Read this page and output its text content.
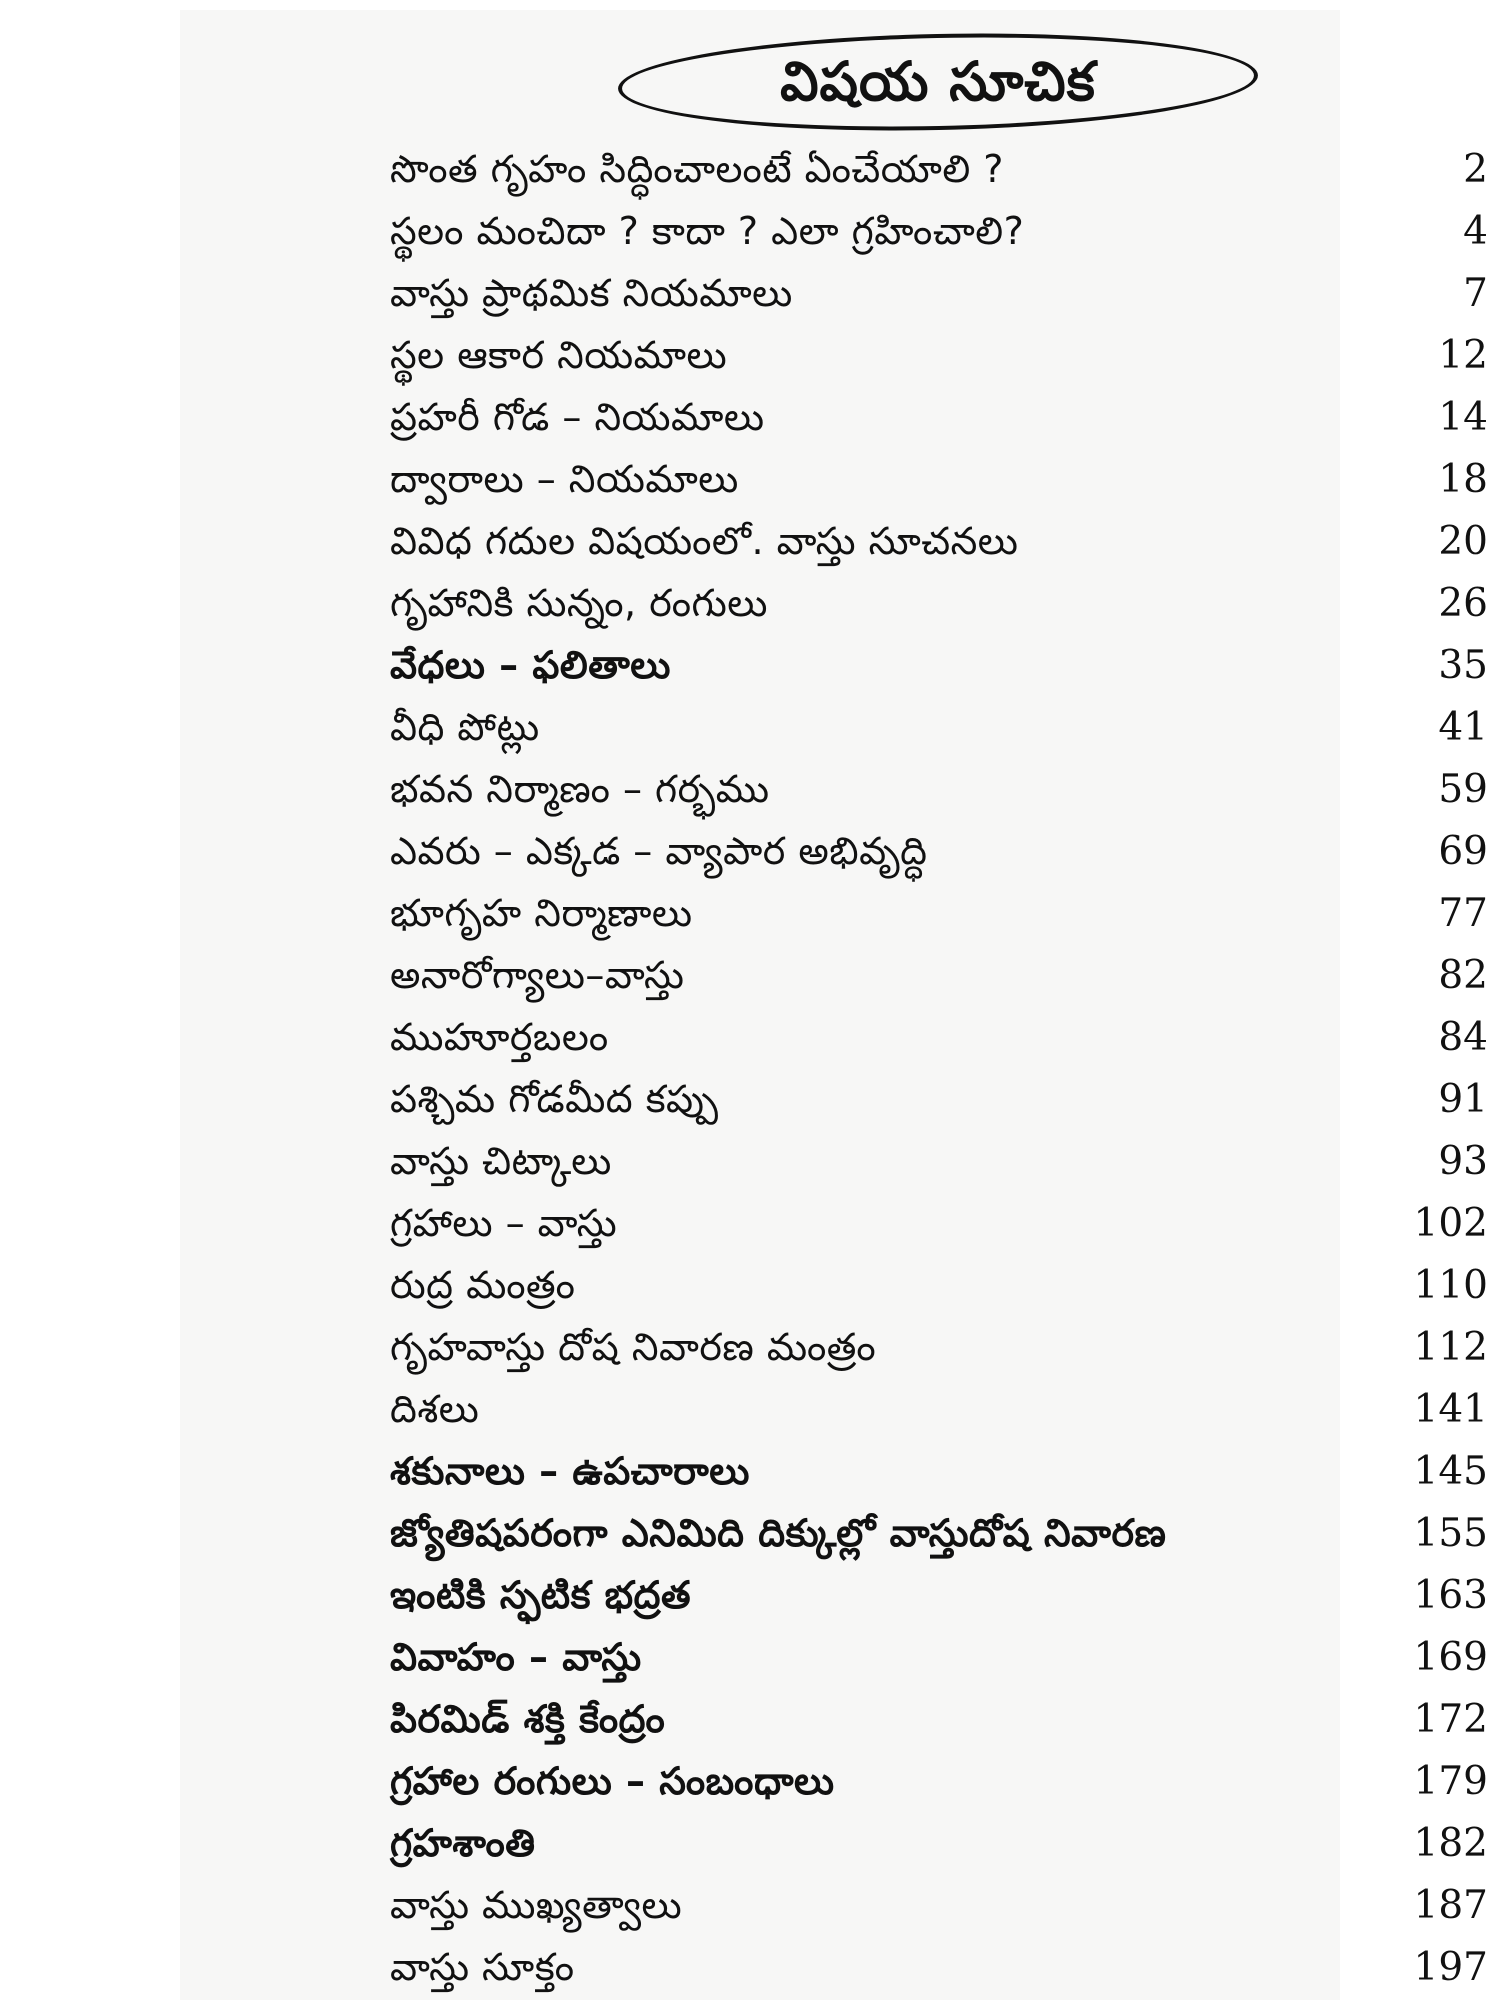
విషయ సూచిక
సొంత గృహం సిద్ధించాలంటే ఏంచేయాలి ?	2
స్థలం మంచిదా ? కాదా ? ఎలా గ్రహించాలి?	4
వాస్తు ప్రాథమిక నియమాలు	7
స్థల ఆకార నియమాలు	12
ప్రహరీ గోడ – నియమాలు	14
ద్వారాలు – నియమాలు	18
వివిధ గదుల విషయంలో. వాస్తు సూచనలు	20
గృహానికి సున్నం, రంగులు	26
వేధలు – ఫలితాలు	35
వీధి పోట్లు	41
భవన నిర్మాణం – గర్భము	59
ఎవరు – ఎక్కడ – వ్యాపార అభివృద్ధి	69
భూగృహ నిర్మాణాలు	77
అనారోగ్యాలు–వాస్తు	82
ముహూర్తబలం	84
పశ్చిమ గోడమీద కప్పు	91
వాస్తు చిట్కాలు	93
గ్రహాలు – వాస్తు	102
రుద్ర మంత్రం	110
గృహవాస్తు దోష నివారణ మంత్రం	112
దిశలు	141
శకునాలు – ఉపచారాలు	145
జ్యోతిషపరంగా ఎనిమిది దిక్కుల్లో వాస్తుదోష నివారణ	155
ఇంటికి స్ఫటిక భద్రత	163
వివాహం – వాస్తు	169
పిరమిడ్ శక్తి కేంద్రం	172
గ్రహాల రంగులు – సంబంధాలు	179
గ్రహశాంతి	182
వాస్తు ముఖ్యత్వాలు	187
వాస్తు సూక్తం	197
